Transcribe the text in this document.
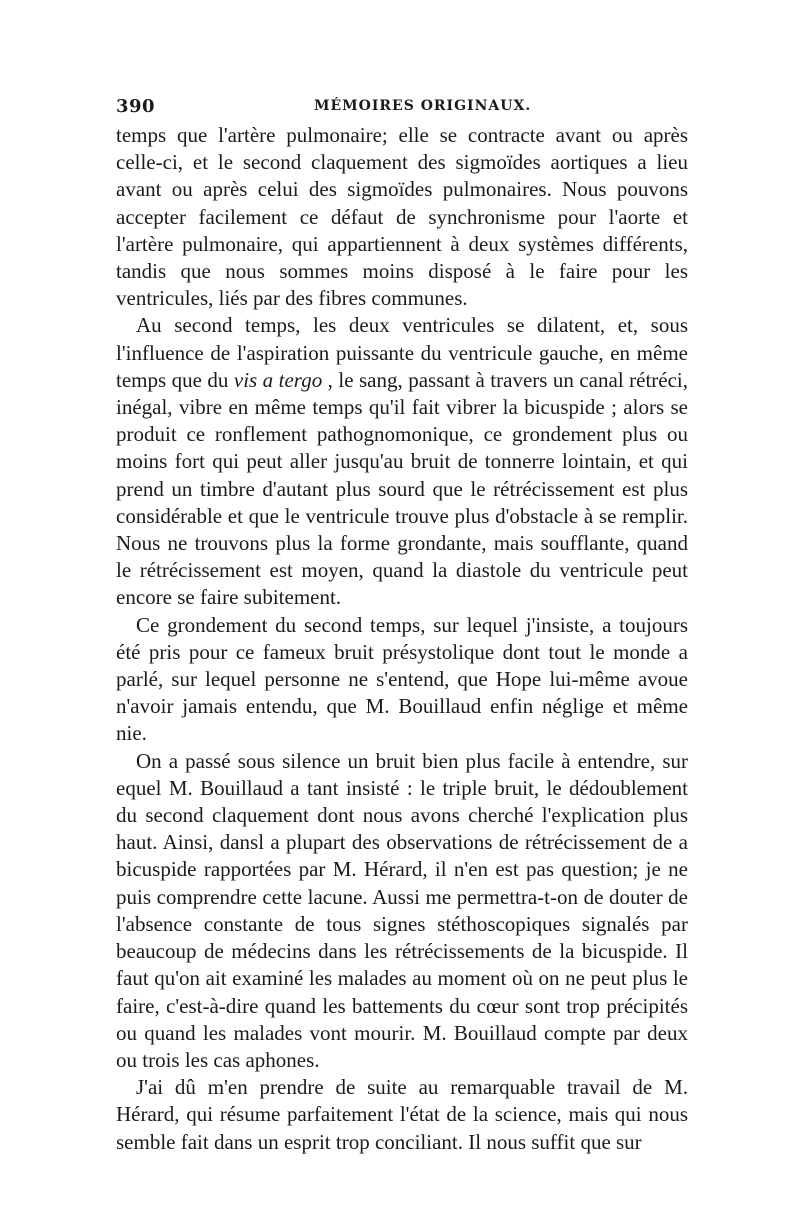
390	MÉMOIRES ORIGINAUX.

temps que l'artère pulmonaire; elle se contracte avant ou après celle-ci, et le second claquement des sigmoïdes aortiques a lieu avant ou après celui des sigmoïdes pulmonaires. Nous pouvons accepter facilement ce défaut de synchronisme pour l'aorte et l'artère pulmonaire, qui appartiennent à deux systèmes différents, tandis que nous sommes moins disposé à le faire pour les ventricules, liés par des fibres communes.

Au second temps, les deux ventricules se dilatent, et, sous l'influence de l'aspiration puissante du ventricule gauche, en même temps que du vis a tergo , le sang, passant à travers un canal rétréci, inégal, vibre en même temps qu'il fait vibrer la bicuspide ; alors se produit ce ronflement pathognomonique, ce grondement plus ou moins fort qui peut aller jusqu'au bruit de tonnerre lointain, et qui prend un timbre d'autant plus sourd que le rétrécissement est plus considérable et que le ventricule trouve plus d'obstacle à se remplir. Nous ne trouvons plus la forme grondante, mais soufflante, quand le rétrécissement est moyen, quand la diastole du ventricule peut encore se faire subitement.

Ce grondement du second temps, sur lequel j'insiste, a toujours été pris pour ce fameux bruit présystolique dont tout le monde a parlé, sur lequel personne ne s'entend, que Hope lui-même avoue n'avoir jamais entendu, que M. Bouillaud enfin néglige et même nie.

On a passé sous silence un bruit bien plus facile à entendre, sur equel M. Bouillaud a tant insisté : le triple bruit, le dédoublement du second claquement dont nous avons cherché l'explication plus haut. Ainsi, dansl a plupart des observations de rétrécissement de a bicuspide rapportées par M. Hérard, il n'en est pas question; je ne puis comprendre cette lacune. Aussi me permettra-t-on de douter de l'absence constante de tous signes stéthoscopiques signalés par beaucoup de médecins dans les rétrécissements de la bicuspide. Il faut qu'on ait examiné les malades au moment où on ne peut plus le faire, c'est-à-dire quand les battements du cœur sont trop précipités ou quand les malades vont mourir. M. Bouillaud compte par deux ou trois les cas aphones.

J'ai dû m'en prendre de suite au remarquable travail de M. Hérard, qui résume parfaitement l'état de la science, mais qui nous semble fait dans un esprit trop conciliant. Il nous suffit que sur
